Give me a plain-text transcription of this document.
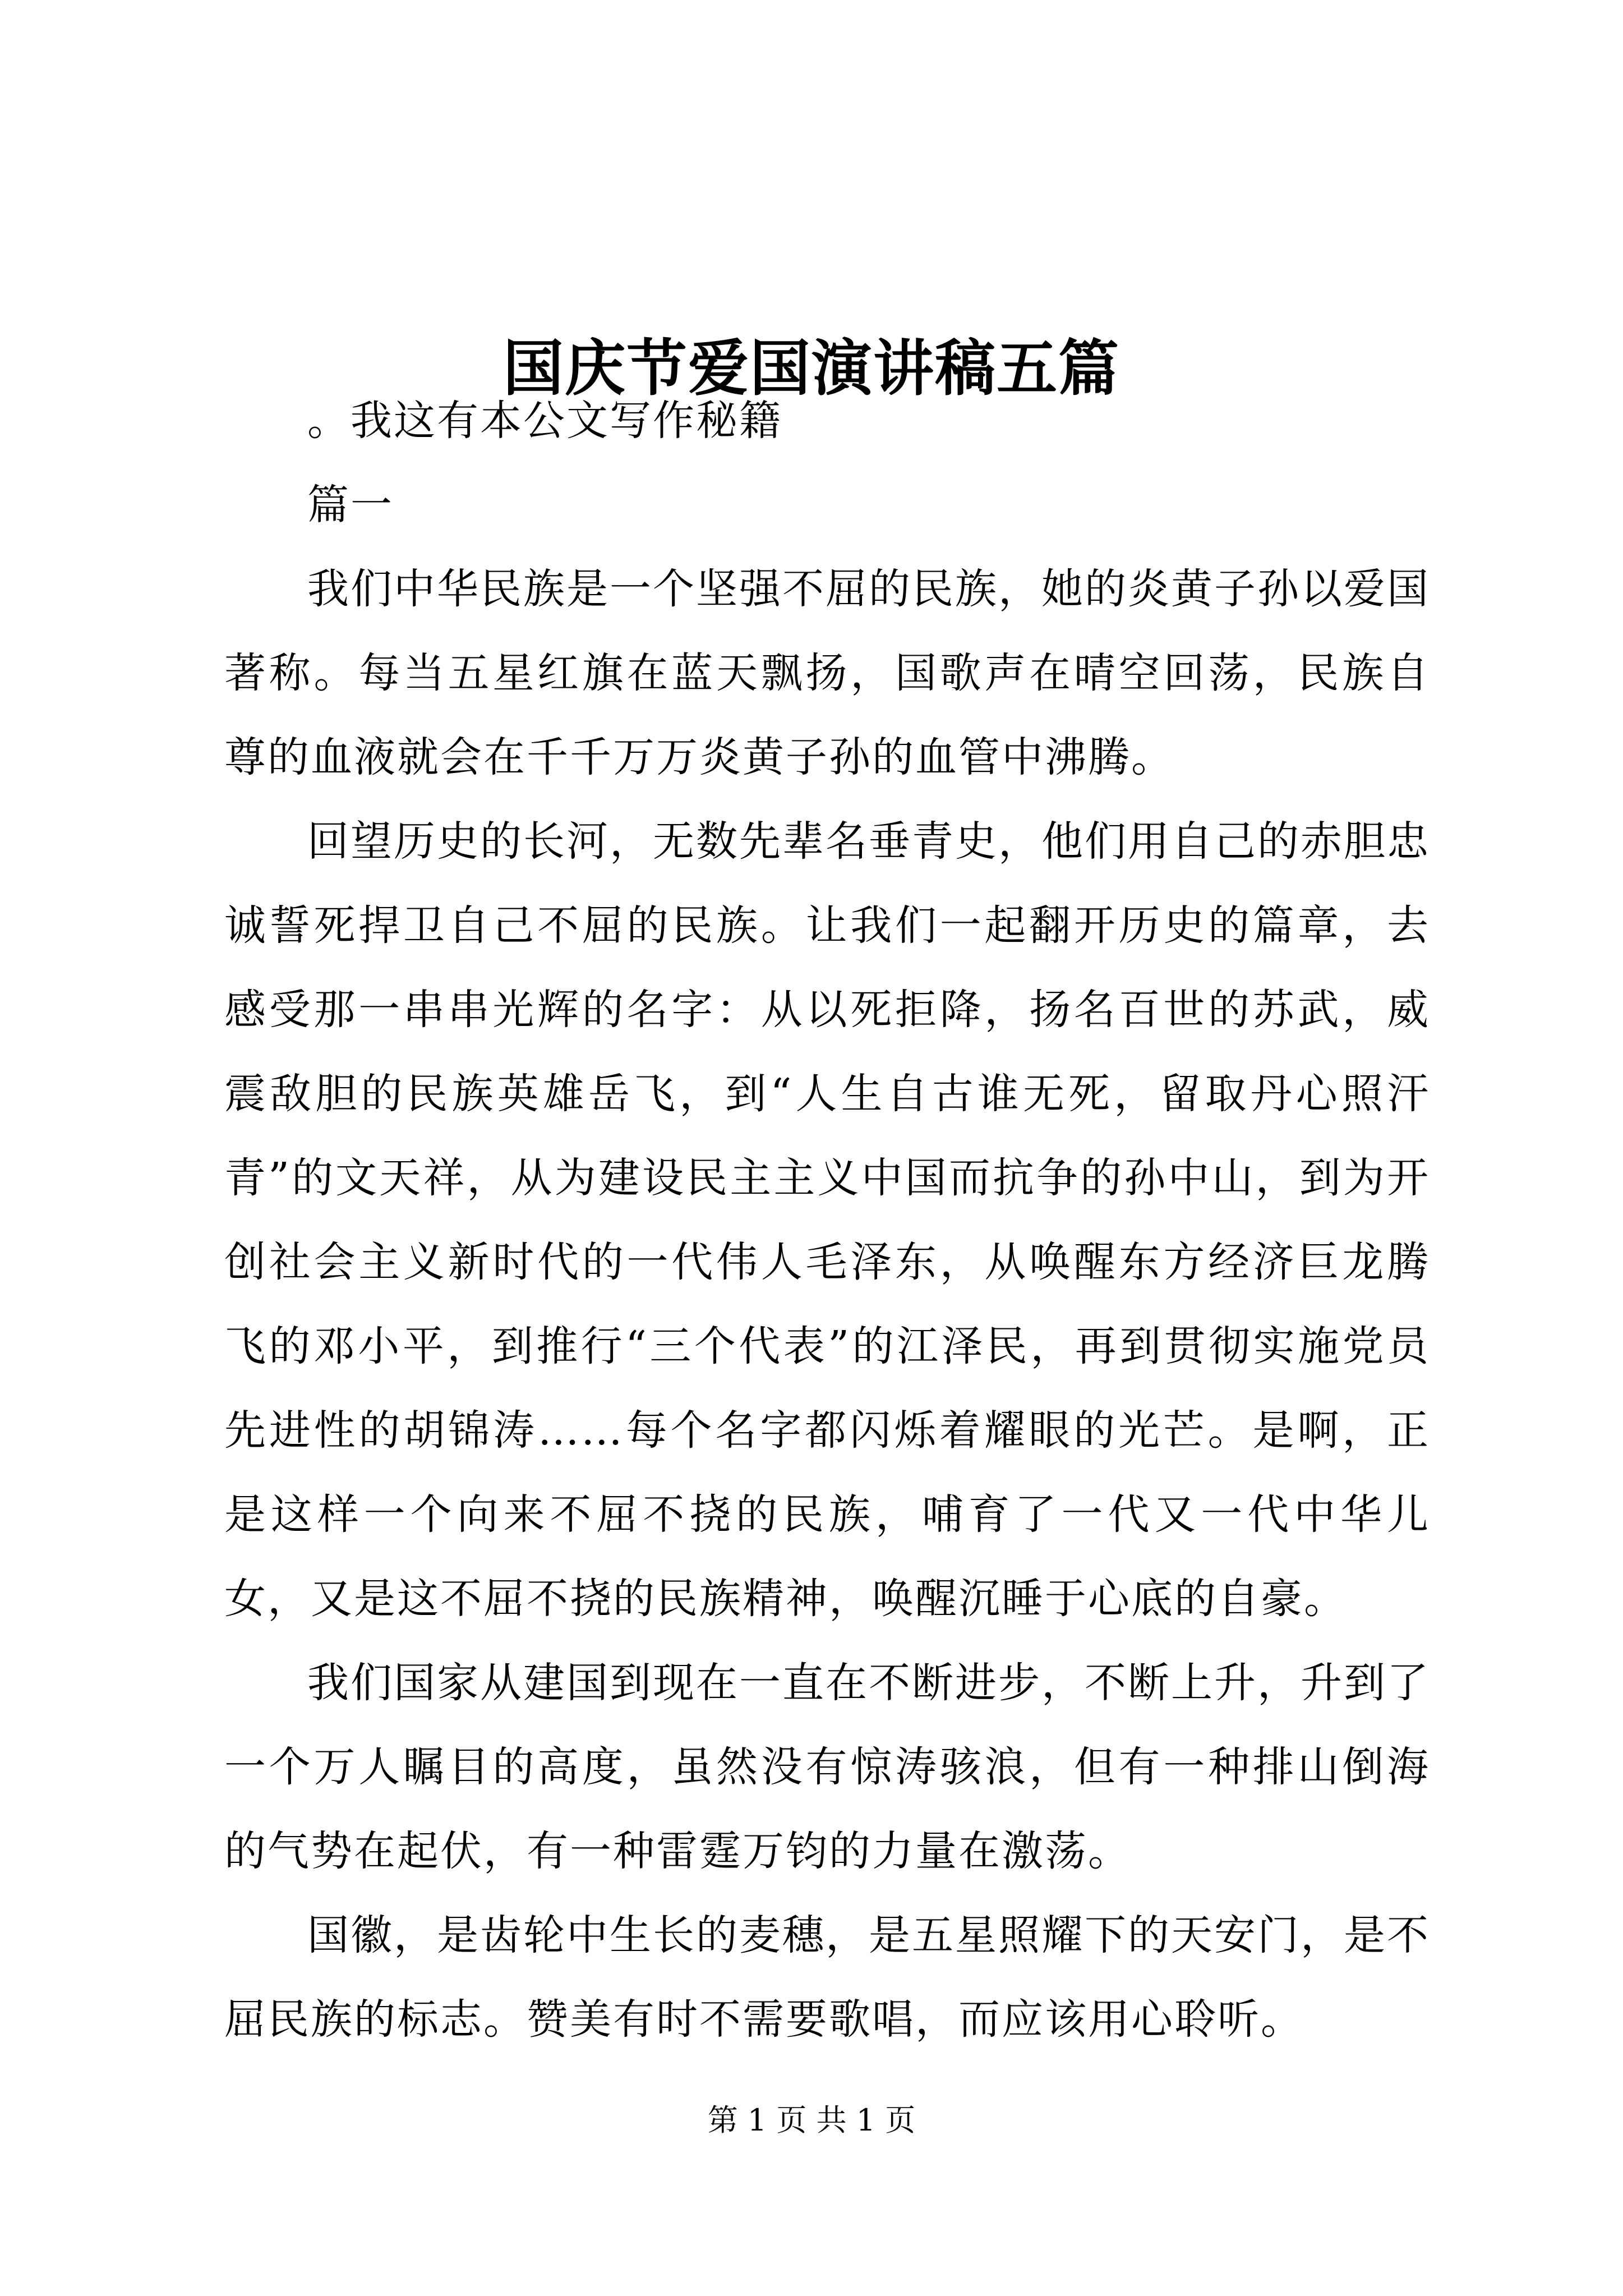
国庆节爱国演讲稿五篇

。我这有本公文写作秘籍

篇一

我们中华民族是一个坚强不屈的民族，她的炎黄子孙以爱国著称。每当五星红旗在蓝天飘扬，国歌声在晴空回荡，民族自尊的血液就会在千千万万炎黄子孙的血管中沸腾。

回望历史的长河，无数先辈名垂青史，他们用自己的赤胆忠诚誓死捍卫自己不屈的民族。让我们一起翻开历史的篇章，去感受那一串串光辉的名字：从以死拒降，扬名百世的苏武，威震敌胆的民族英雄岳飞，到“人生自古谁无死，留取丹心照汗青”的文天祥，从为建设民主主义中国而抗争的孙中山，到为开创社会主义新时代的一代伟人毛泽东，从唤醒东方经济巨龙腾飞的邓小平，到推行“三个代表”的江泽民，再到贯彻实施党员先进性的胡锦涛……每个名字都闪烁着耀眼的光芒。是啊，正是这样一个向来不屈不挠的民族，哺育了一代又一代中华儿女，又是这不屈不挠的民族精神，唤醒沉睡于心底的自豪。

我们国家从建国到现在一直在不断进步，不断上升，升到了一个万人瞩目的高度，虽然没有惊涛骇浪，但有一种排山倒海的气势在起伏，有一种雷霆万钧的力量在激荡。

国徽，是齿轮中生长的麦穗，是五星照耀下的天安门，是不屈民族的标志。赞美有时不需要歌唱，而应该用心聆听。

第 1 页 共 1 页
